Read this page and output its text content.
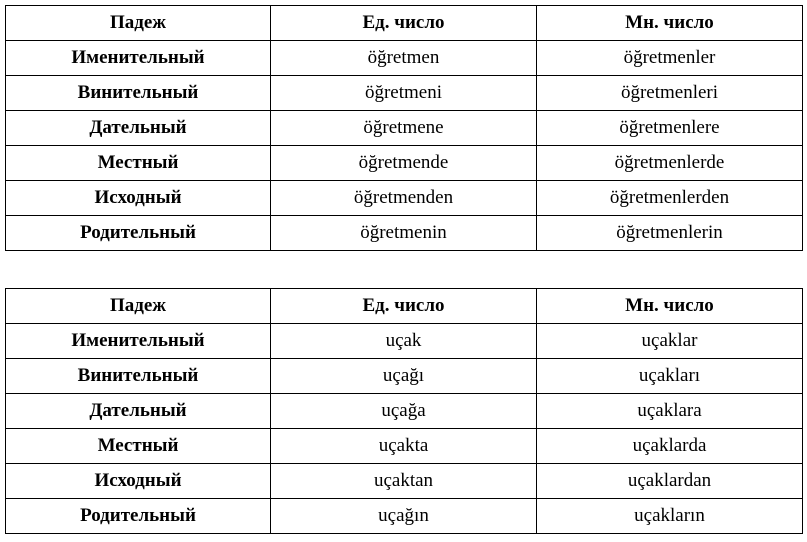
Падеж	Ед. число	Мн. число
Именительный	öğretmen	öğretmenler
Винительный	öğretmeni	öğretmenleri
Дательный	öğretmene	öğretmenlere
Местный	öğretmende	öğretmenlerde
Исходный	öğretmenden	öğretmenlerden
Родительный	öğretmenin	öğretmenlerin
Падеж	Ед. число	Мн. число
Именительный	uçak	uçaklar
Винительный	uçağı	uçakları
Дательный	uçağa	uçaklara
Местный	uçakta	uçaklarda
Исходный	uçaktan	uçaklardan
Родительный	uçağın	uçakların
